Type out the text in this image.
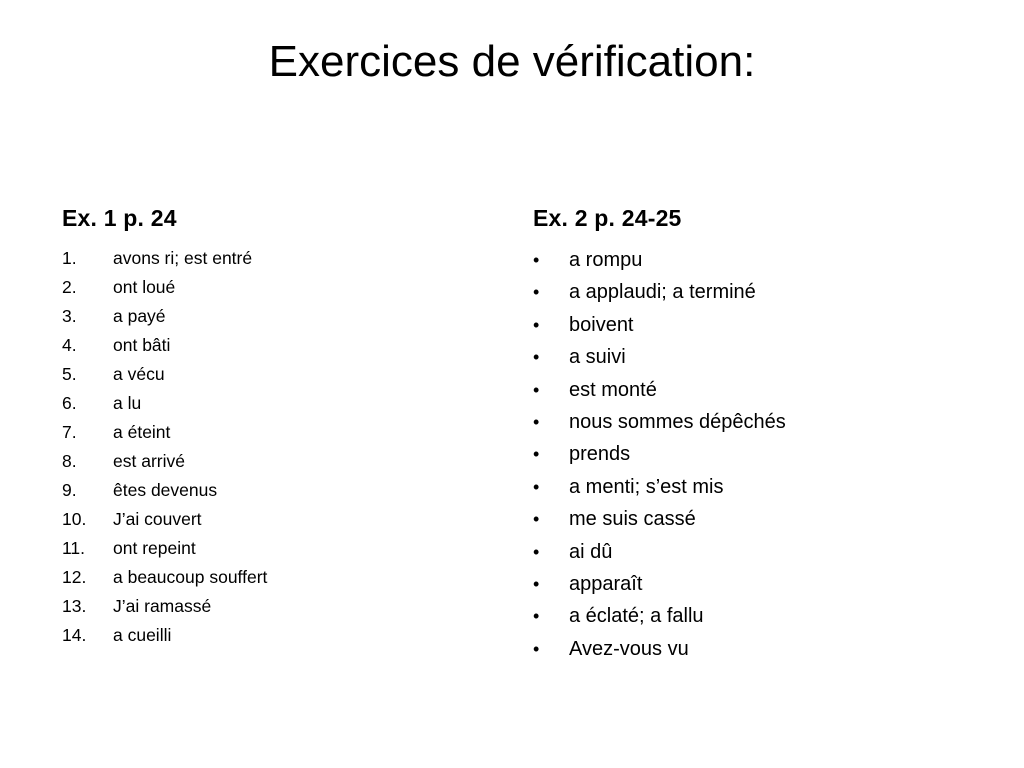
Exercices de vérification:
Ex. 1 p. 24
1.	avons ri; est entré
2.	ont loué
3.	a payé
4.	ont bâti
5.	a vécu
6.	a lu
7.	a éteint
8.	est arrivé
9.	êtes devenus
10.	J’ai couvert
11.	ont repeint
12.	a beaucoup souffert
13.	J’ai ramassé
14.	a cueilli
Ex. 2 p. 24-25
•	a rompu
•	a applaudi; a terminé
•	boivent
•	a suivi
•	est monté
•	nous sommes dépêchés
•	prends
•	a menti; s’est mis
•	me suis cassé
•	ai dû
•	apparaît
•	a éclaté; a fallu
•	Avez-vous vu
